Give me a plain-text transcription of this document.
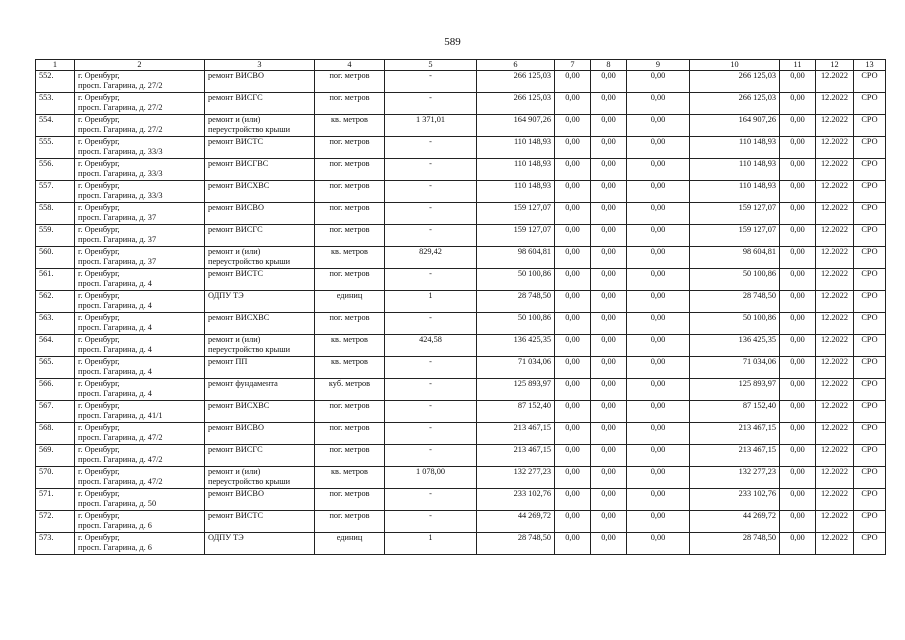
589
1	2	3	4	5	6	7	8	9	10	11	12	13

552.	г. Оренбург,
просп. Гагарина, д. 27/2	ремонт ВИСВО	пог. метров	-	266 125,03	0,00	0,00	0,00	266 125,03	0,00	12.2022	СРО

553.	г. Оренбург,
просп. Гагарина, д. 27/2	ремонт ВИСГС	пог. метров	-	266 125,03	0,00	0,00	0,00	266 125,03	0,00	12.2022	СРО

554.	г. Оренбург,
просп. Гагарина, д. 27/2	ремонт и (или)
переустройство крыши	кв. метров	1 371,01	164 907,26	0,00	0,00	0,00	164 907,26	0,00	12.2022	СРО

555.	г. Оренбург,
просп. Гагарина, д. 33/3	ремонт ВИСТС	пог. метров	-	110 148,93	0,00	0,00	0,00	110 148,93	0,00	12.2022	СРО

556.	г. Оренбург,
просп. Гагарина, д. 33/3	ремонт ВИСГВС	пог. метров	-	110 148,93	0,00	0,00	0,00	110 148,93	0,00	12.2022	СРО

557.	г. Оренбург,
просп. Гагарина, д. 33/3	ремонт ВИСХВС	пог. метров	-	110 148,93	0,00	0,00	0,00	110 148,93	0,00	12.2022	СРО

558.	г. Оренбург,
просп. Гагарина, д. 37	ремонт ВИСВО	пог. метров	-	159 127,07	0,00	0,00	0,00	159 127,07	0,00	12.2022	СРО

559.	г. Оренбург,
просп. Гагарина, д. 37	ремонт ВИСГС	пог. метров	-	159 127,07	0,00	0,00	0,00	159 127,07	0,00	12.2022	СРО

560.	г. Оренбург,
просп. Гагарина, д. 37	ремонт и (или)
переустройство крыши	кв. метров	829,42	98 604,81	0,00	0,00	0,00	98 604,81	0,00	12.2022	СРО

561.	г. Оренбург,
просп. Гагарина, д. 4	ремонт ВИСТС	пог. метров	-	50 100,86	0,00	0,00	0,00	50 100,86	0,00	12.2022	СРО

562.	г. Оренбург,
просп. Гагарина, д. 4	ОДПУ ТЭ	единиц	1	28 748,50	0,00	0,00	0,00	28 748,50	0,00	12.2022	СРО

563.	г. Оренбург,
просп. Гагарина, д. 4	ремонт ВИСХВС	пог. метров	-	50 100,86	0,00	0,00	0,00	50 100,86	0,00	12.2022	СРО

564.	г. Оренбург,
просп. Гагарина, д. 4	ремонт и (или)
переустройство крыши	кв. метров	424,58	136 425,35	0,00	0,00	0,00	136 425,35	0,00	12.2022	СРО

565.	г. Оренбург,
просп. Гагарина, д. 4	ремонт ПП	кв. метров	-	71 034,06	0,00	0,00	0,00	71 034,06	0,00	12.2022	СРО

566.	г. Оренбург,
просп. Гагарина, д. 4	ремонт фундамента	куб. метров	-	125 893,97	0,00	0,00	0,00	125 893,97	0,00	12.2022	СРО

567.	г. Оренбург,
просп. Гагарина, д. 41/1	ремонт ВИСХВС	пог. метров	-	87 152,40	0,00	0,00	0,00	87 152,40	0,00	12.2022	СРО

568.	г. Оренбург,
просп. Гагарина, д. 47/2	ремонт ВИСВО	пог. метров	-	213 467,15	0,00	0,00	0,00	213 467,15	0,00	12.2022	СРО

569.	г. Оренбург,
просп. Гагарина, д. 47/2	ремонт ВИСГС	пог. метров	-	213 467,15	0,00	0,00	0,00	213 467,15	0,00	12.2022	СРО

570.	г. Оренбург,
просп. Гагарина, д. 47/2	ремонт и (или)
переустройство крыши	кв. метров	1 078,00	132 277,23	0,00	0,00	0,00	132 277,23	0,00	12.2022	СРО

571.	г. Оренбург,
просп. Гагарина, д. 50	ремонт ВИСВО	пог. метров	-	233 102,76	0,00	0,00	0,00	233 102,76	0,00	12.2022	СРО

572.	г. Оренбург,
просп. Гагарина, д. 6	ремонт ВИСТС	пог. метров	-	44 269,72	0,00	0,00	0,00	44 269,72	0,00	12.2022	СРО

573.	г. Оренбург,
просп. Гагарина, д. 6	ОДПУ ТЭ	единиц	1	28 748,50	0,00	0,00	0,00	28 748,50	0,00	12.2022	СРО
